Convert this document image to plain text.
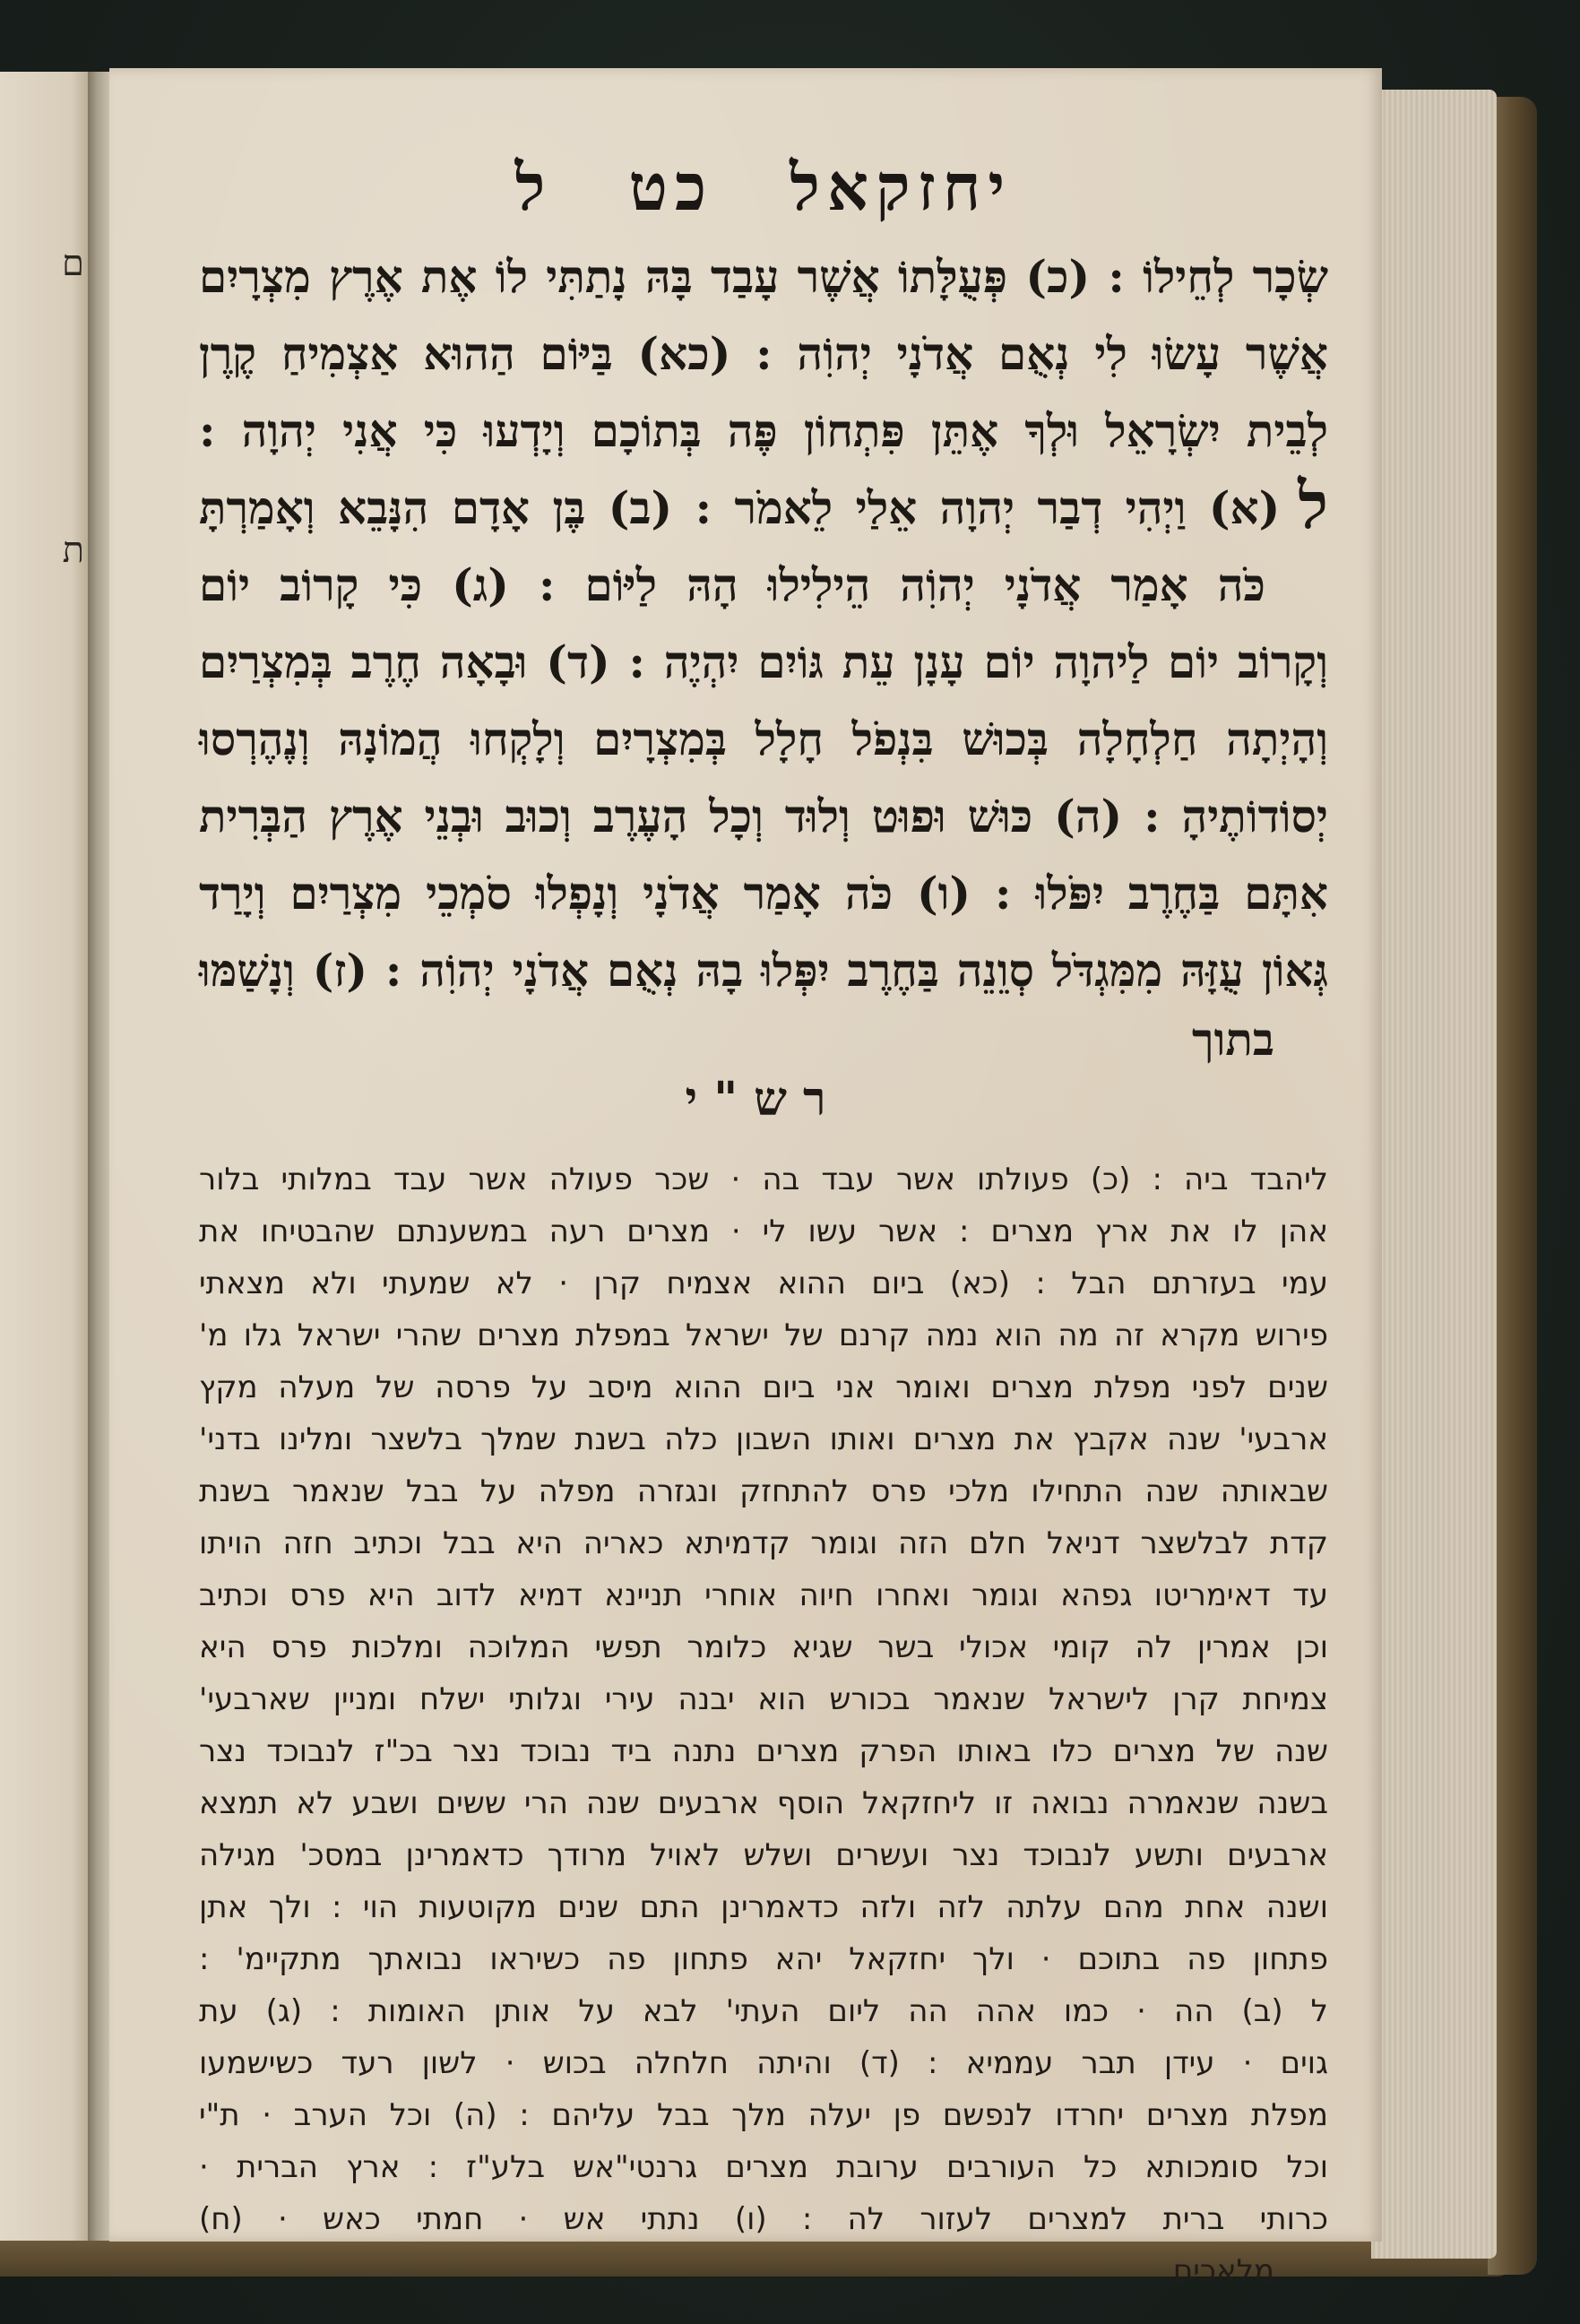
ם
ת
יחזקאל כט ל
שְׂכָר לְחֵילוֹ : (כ) פְּעֻלָּתוֹ אֲשֶׁר עָבַד בָּהּ נָתַתִּי לוֹ אֶת אֶרֶץ מִצְרָיִם
אֲשֶׁר עָשׂוּ לִי נְאֻם אֲדֹנָי יְהוִֹה : (כא) בַּיּוֹם הַהוּא אַצְמִיחַ קֶרֶן
לְבֵית יִשְׂרָאֵל וּלְךָ אֶתֵּן פִּתְחוֹן פֶּה בְּתוֹכָם וְיָדְעוּ כִּי אֲנִי יְהוָה :
ל
(א) וַיְהִי דְבַר יְהוָה אֵלַי לֵאמֹר : (ב) בֶּן אָדָם הִנָּבֵא וְאָמַרְתָּ
כֹּה אָמַר אֲדֹנָי יְהוִֹה הֵילִילוּ הָהּ לַיּוֹם : (ג) כִּי קָרוֹב יוֹם
וְקָרוֹב יוֹם לַיהוָה יוֹם עָנָן עֵת גּוֹיִם יִהְיֶה : (ד) וּבָאָה חֶרֶב בְּמִצְרַיִם
וְהָיְתָה חַלְחָלָה בְּכוּשׁ בִּנְפֹל חָלָל בְּמִצְרָיִם וְלָקְחוּ הֲמוֹנָהּ וְנֶהֶרְסוּ
יְסוֹדוֹתֶיהָ : (ה) כּוּשׁ וּפוּט וְלוּד וְכָל הָעֶרֶב וְכוּב וּבְנֵי אֶרֶץ הַבְּרִית
אִתָּם בַּחֶרֶב יִפֹּלוּ : (ו) כֹּה אָמַר אֲדֹנָי וְנָפְלוּ סֹמְכֵי מִצְרַיִם וְיָרַד
גְּאוֹן עֻזָּהּ מִמִּגְדֹּל סְוֵנֵה בַּחֶרֶב יִפְּלוּ בָהּ נְאֻם אֲדֹנָי יְהוִֹה : (ז) וְנָשַׁמּוּ
בתוך
רש"י
ליהבד ביה : (כ) פעולתו אשר עבד בה · שכר פעולה אשר עבד במלותי בלור
אהן לו את ארץ מצרים : אשר עשו לי · מצרים רעה במשענתם שהבטיחו את
עמי בעזרתם הבל : (כא) ביום ההוא אצמיח קרן · לא שמעתי ולא מצאתי
פירוש מקרא זה מה הוא נמה קרנם של ישראל במפלת מצרים שהרי ישראל גלו מ'
שנים לפני מפלת מצרים ואומר אני ביום ההוא מיסב על פרסה של מעלה מקץ
ארבעי' שנה אקבץ את מצרים ואותו השבון כלה בשנת שמלך בלשצר ומלינו בדני'
שבאותה שנה התחילו מלכי פרס להתחזק ונגזרה מפלה על בבל שנאמר בשנת
קדת לבלשצר דניאל חלם הזה וגומר קדמיתא כאריה היא בבל וכתיב חזה הויתו
עד דאימריטו גפהא וגומר ואחרו חיוה אוחרי תניינא דמיא לדוב היא פרס וכתיב
וכן אמרין לה קומי אכולי בשר שגיא כלומר תפשי המלוכה ומלכות פרס היא
צמיחת קרן לישראל שנאמר בכורש הוא יבנה עירי וגלותי ישלח ומניין שארבעי'
שנה של מצרים כלו באותו הפרק מצרים נתנה ביד נבוכד נצר בכ"ז לנבוכד נצר
בשנה שנאמרה נבואה זו ליחזקאל הוסף ארבעים שנה הרי ששים ושבע לא תמצא
ארבעים ותשע לנבוכד נצר ועשרים ושלש לאויל מרודך כדאמרינן במסכ' מגילה
ושנה אחת מהם עלתה לזה ולזה כדאמרינן התם שנים מקוטעות הוי : ולך אתן
פתחון פה בתוכם · ולך יחזקאל יהא פתחון פה כשיראו נבואתך מתקיימ' :
ל (ב) הה · כמו אהה הה ליום העתי' לבא על אותן האומות : (ג) עת
גוים · עידן תבר עממיא : (ד) והיתה חלחלה בכוש · לשון רעד כשישמעו
מפלת מצרים יחרדו לנפשם פן יעלה מלך בבל עליהם : (ה) וכל הערב · ת"י
וכל סומכותא כל העורבים ערובת מצרים גרנטי"אש בלע"ז : ארץ הברית ·
כרותי ברית למצרים לעזור לה : (ו) נתתי אש · חמתי כאש · (ח)
מלאכים
